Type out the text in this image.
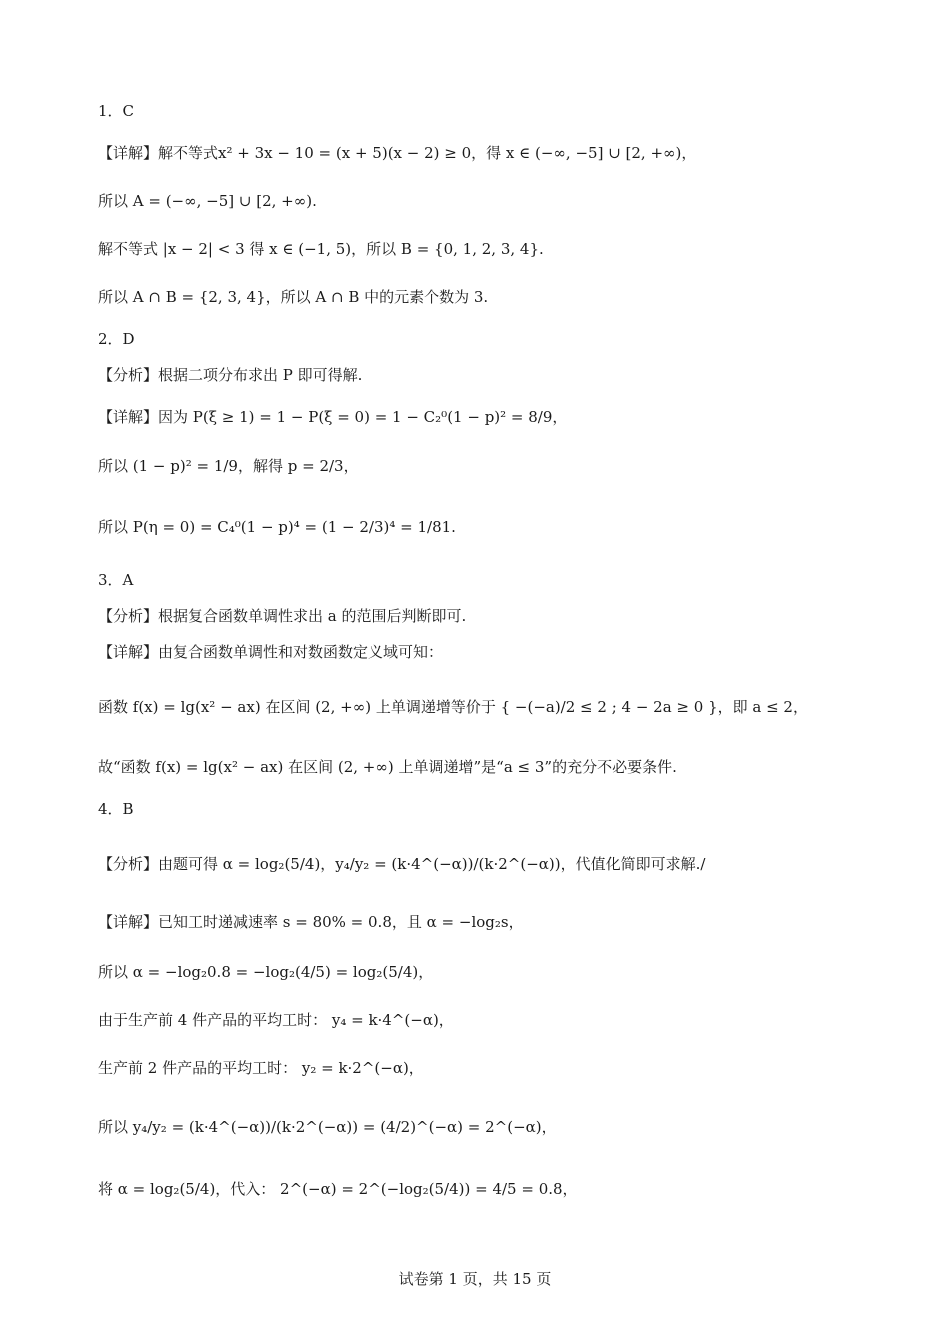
1．C
【详解】解不等式x² + 3x − 10 = (x + 5)(x − 2) ≥ 0，得 x ∈ (−∞, −5] ∪ [2, +∞)，
所以 A = (−∞, −5] ∪ [2, +∞).
解不等式 |x − 2| < 3 得 x ∈ (−1, 5)，所以 B = {0, 1, 2, 3, 4}.
所以 A ∩ B = {2, 3, 4}，所以 A ∩ B 中的元素个数为 3.
2．D
【分析】根据二项分布求出 P 即可得解.
【详解】因为 P(ξ ≥ 1) = 1 − P(ξ = 0) = 1 − C₂⁰(1 − p)² = 8/9，
所以 (1 − p)² = 1/9，解得 p = 2/3，
所以 P(η = 0) = C₄⁰(1 − p)⁴ = (1 − 2/3)⁴ = 1/81.
3．A
【分析】根据复合函数单调性求出 a 的范围后判断即可.
【详解】由复合函数单调性和对数函数定义域可知：
函数 f(x) = lg(x² − ax) 在区间 (2, +∞) 上单调递增等价于 { −(−a)/2 ≤ 2 ; 4 − 2a ≥ 0 }，即 a ≤ 2，
故“函数 f(x) = lg(x² − ax) 在区间 (2, +∞) 上单调递增”是“a ≤ 3”的充分不必要条件.
4．B
【分析】由题可得 α = log₂(5/4)，y₄/y₂ = (k·4^(−α))/(k·2^(−α))，代值化简即可求解./
【详解】已知工时递减速率 s = 80% = 0.8，且 α = −log₂s，
所以 α = −log₂0.8 = −log₂(4/5) = log₂(5/4)，
由于生产前 4 件产品的平均工时： y₄ = k·4^(−α)，
生产前 2 件产品的平均工时： y₂ = k·2^(−α)，
所以 y₄/y₂ = (k·4^(−α))/(k·2^(−α)) = (4/2)^(−α) = 2^(−α)，
将 α = log₂(5/4)，代入： 2^(−α) = 2^(−log₂(5/4)) = 4/5 = 0.8，
试卷第 1 页，共 15 页
